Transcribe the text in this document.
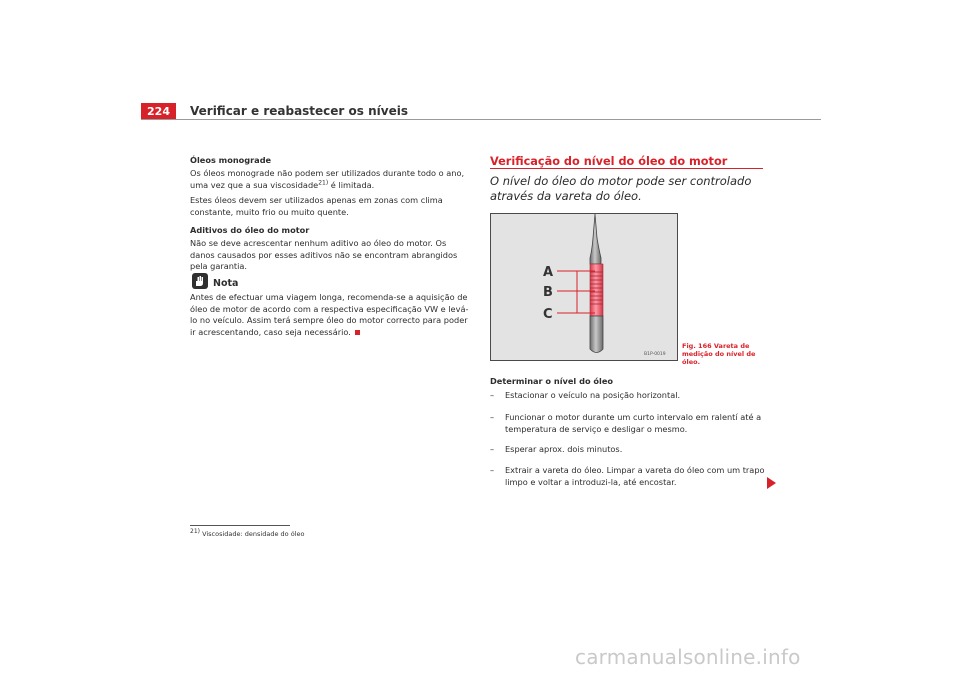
224	Verificar e reabastecer os níveis
Óleos monograde
Os óleos monograde não podem ser utilizados durante todo o ano, uma vez que a sua viscosidade$^{21)}$ é limitada.
Estes óleos devem ser utilizados apenas em zonas com clima constante, muito frio ou muito quente.
Aditivos do óleo do motor
Não se deve acrescentar nenhum aditivo ao óleo do motor. Os danos causados por esses aditivos não se encontram abrangidos pela garantia.
Nota
Antes de efectuar uma viagem longa, recomenda-se a aquisição de óleo de motor de acordo com a respectiva especificação VW e levá-lo no veículo. Assim terá sempre óleo do motor correcto para poder ir acrescentando, caso seja necessário.
Verificação do nível do óleo do motor
O nível do óleo do motor pode ser controlado através da vareta do óleo.
A
B
C
B1P-0019
Fig. 166 Vareta de medição do nível de óleo.
Determinar o nível do óleo
– Estacionar o veículo na posição horizontal.
– Funcionar o motor durante um curto intervalo em ralentí até a temperatura de serviço e desligar o mesmo.
– Esperar aprox. dois minutos.
– Extrair a vareta do óleo. Limpar a vareta do óleo com um trapo limpo e voltar a introduzi-la, até encostar.
$^{21)}$ Viscosidade: densidade do óleo
carmanualsonline.info
